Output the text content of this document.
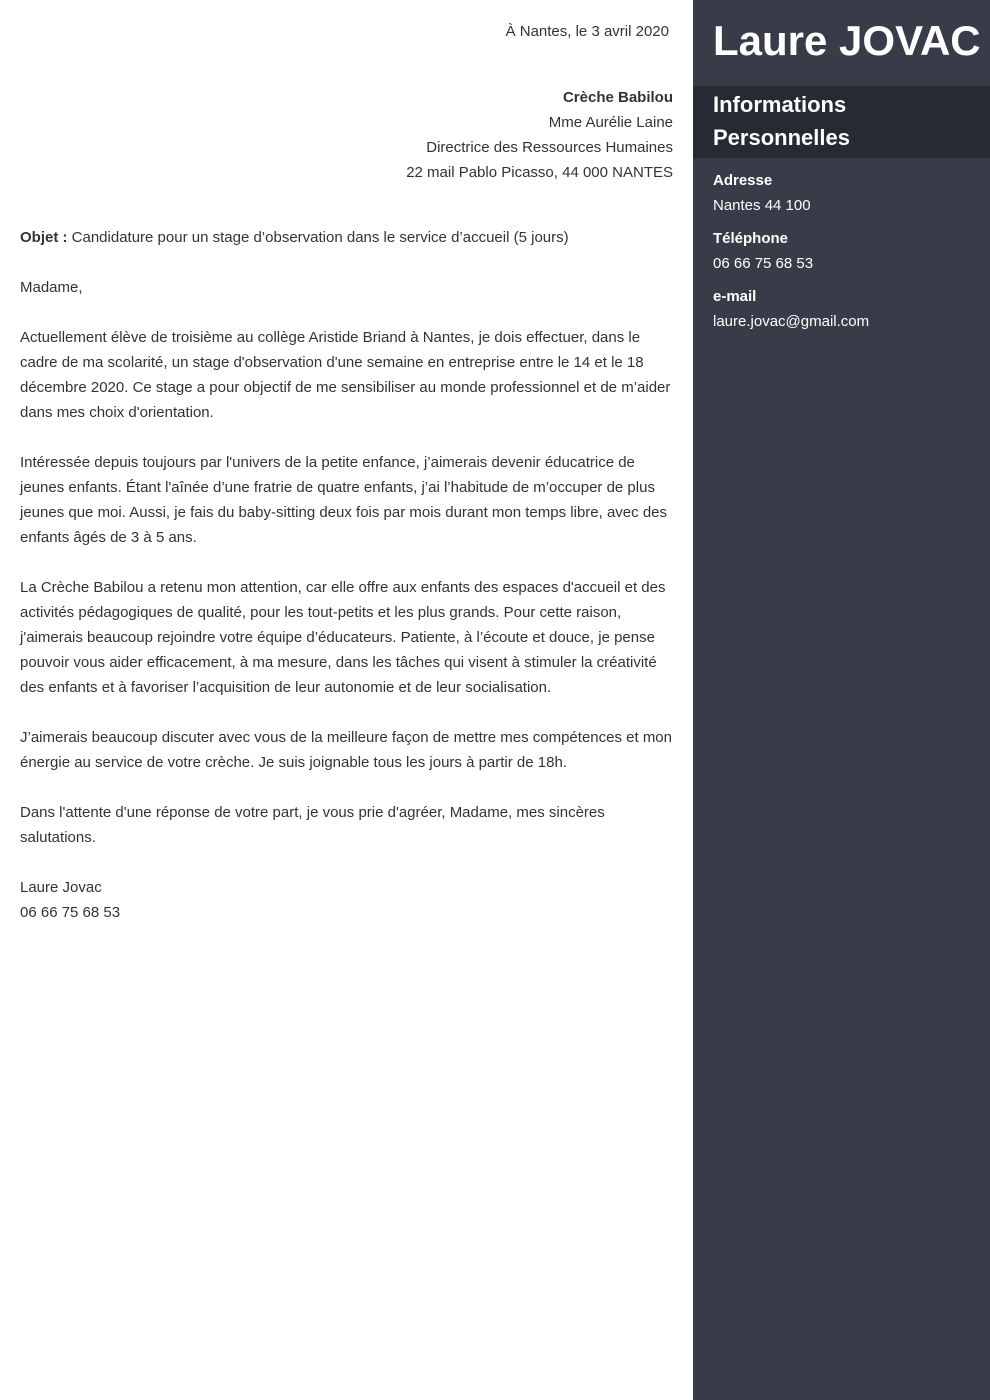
À Nantes, le 3 avril 2020
Crèche Babilou
Mme Aurélie Laine
Directrice des Ressources Humaines
22 mail Pablo Picasso, 44 000 NANTES

Objet : Candidature pour un stage d’observation dans le service d’accueil (5 jours)

Madame,

Actuellement élève de troisième au collège Aristide Briand à Nantes, je dois effectuer, dans le cadre de ma scolarité, un stage d'observation d'une semaine en entreprise entre le 14 et le 18 décembre 2020. Ce stage a pour objectif de me sensibiliser au monde professionnel et de m’aider dans mes choix d'orientation.

Intéressée depuis toujours par l'univers de la petite enfance, j’aimerais devenir éducatrice de jeunes enfants. Étant l'aînée d’une fratrie de quatre enfants, j’ai l’habitude de m’occuper de plus jeunes que moi. Aussi, je fais du baby-sitting deux fois par mois durant mon temps libre, avec des enfants âgés de 3 à 5 ans.

La Crèche Babilou a retenu mon attention, car elle offre aux enfants des espaces d'accueil et des activités pédagogiques de qualité, pour les tout-petits et les plus grands. Pour cette raison, j'aimerais beaucoup rejoindre votre équipe d’éducateurs. Patiente, à l’écoute et douce, je pense pouvoir vous aider efficacement, à ma mesure, dans les tâches qui visent à stimuler la créativité des enfants et à favoriser l’acquisition de leur autonomie et de leur socialisation.

J’aimerais beaucoup discuter avec vous de la meilleure façon de mettre mes compétences et mon énergie au service de votre crèche. Je suis joignable tous les jours à partir de 18h.

Dans l'attente d'une réponse de votre part, je vous prie d'agréer, Madame, mes sincères salutations.

Laure Jovac

06 66 75 68 53

Laure JOVAC
Informations Personnelles
Adresse
Nantes 44 100
Téléphone
06 66 75 68 53
e-mail
laure.jovac@gmail.com
